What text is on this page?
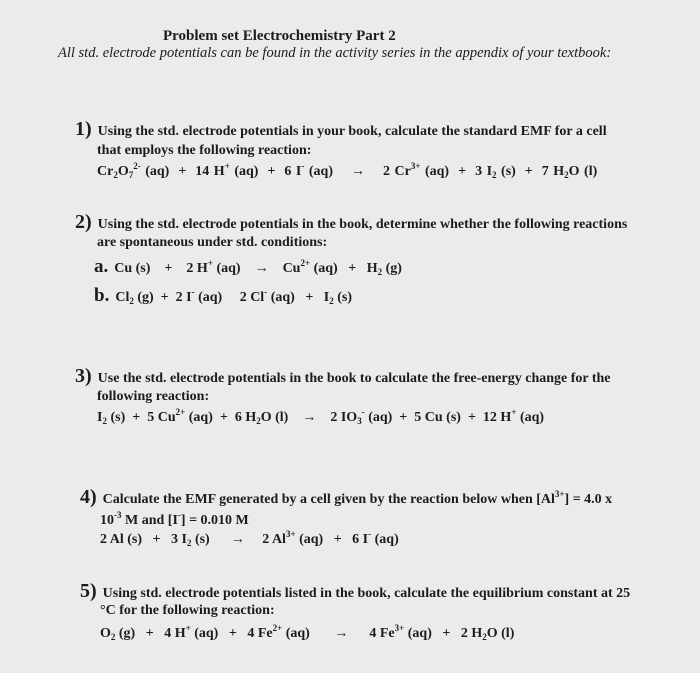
Problem set Electrochemistry Part 2
All std. electrode potentials can be found in the activity series in the appendix of your textbook:
1) Using the std. electrode potentials in your book, calculate the standard EMF for a cell
that employs the following reaction:
$Cr_2O_7^{2-}$ (aq)  +  14 H+ (aq)  +  6 I- (aq)    →    2 $Cr^{3+}$ (aq)  +  3 $I_2$ (s)  +  7 $H_2O$ (l)
2) Using the std. electrode potentials in the book, determine whether the following reactions
are spontaneous under std. conditions:
a. Cu (s)    +    2 H+ (aq)    →    $Cu^{2+}$ $(aq) + H_2$ (g)
b. $Cl_2$ (g)  +  2 I- (aq)     2 Cl- $(aq) + I_2$ (s)
3) Use the std. electrode potentials in the book to calculate the free-energy change for the
following reaction:
$I_2$ (s)  +  5 $Cu^{2+}$ (aq)  +  6 $H_2O$ (l)    →    2 $IO_3^-$ (aq)  +  5 Cu (s)  +  12 H+ (aq)
4) Calculate the EMF generated by a cell given by the reaction below when $[Al^{3+}] = 4.0$ x
$10^{-3}$ M and [I-] = 0.010 M
2 Al (s)   +   3 $I_2$ (s)      →     2 $Al^{3+}$ (aq)   +   6 I- (aq)
5) Using std. electrode potentials listed in the book, calculate the equilibrium constant at 25
°C for the following reaction:
$O_2$ (g)   +   4 H+ (aq)   +   4 $Fe^{2+}$ (aq)       →      4 $Fe^{3+}$ (aq)   +   2 $H_2O$ (l)
